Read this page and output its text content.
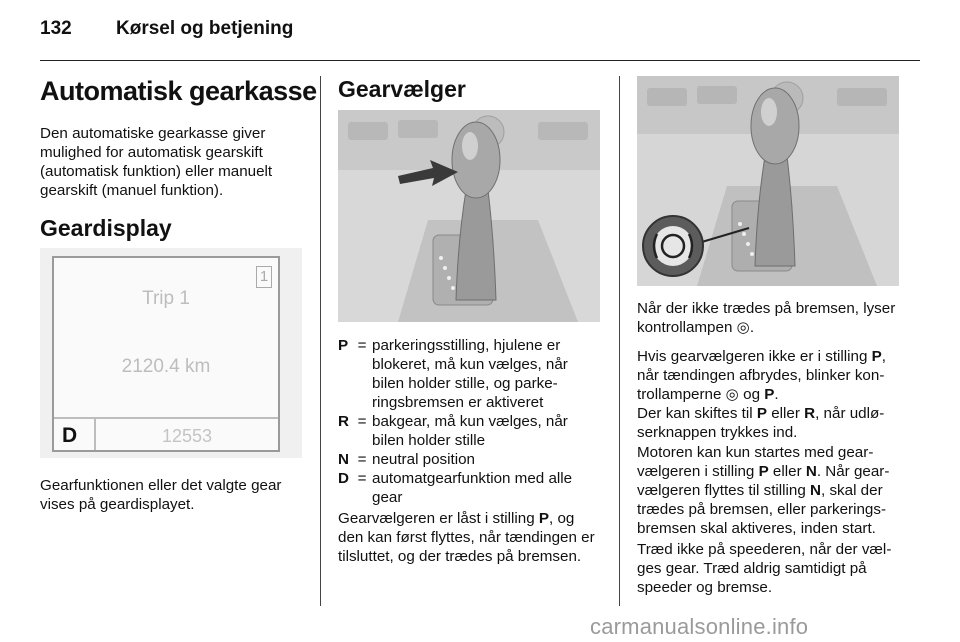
132 Kørsel og betjening
Automatisk gearkasse

Den automatiske gearkasse giver mulighed for automatisk gearskift (automatisk funktion) eller manuelt gearskift (manuel funktion).

Geardisplay
1
Trip 1
2120.4 km
D	12553

Gearfunktionen eller det valgte gear vises på geardisplayet.

Gearvælger
P = parkeringsstilling, hjulene er blokeret, må kun vælges, når bilen holder stille, og parkeringsbremsen er aktiveret
R = bakgear, må kun vælges, når bilen holder stille
N = neutral position
D = automatgearfunktion med alle gear

Gearvælgeren er låst i stilling P, og den kan først flyttes, når tændingen er tilsluttet, og der trædes på bremsen.

Når der ikke trædes på bremsen, lyser kontrollampen ◎.

Hvis gearvælgeren ikke er i stilling P, når tændingen afbrydes, blinker kontrollamperne ◎ og P.

Der kan skiftes til P eller R, når udløserknappen trykkes ind.

Motoren kan kun startes med gearvælgeren i stilling P eller N. Når gearvælgeren flyttes til stilling N, skal der trædes på bremsen, eller parkeringsbremsen skal aktiveres, inden start.

Træd ikke på speederen, når der vælges gear. Træd aldrig samtidigt på speeder og bremse.

carmanualsonline.info
